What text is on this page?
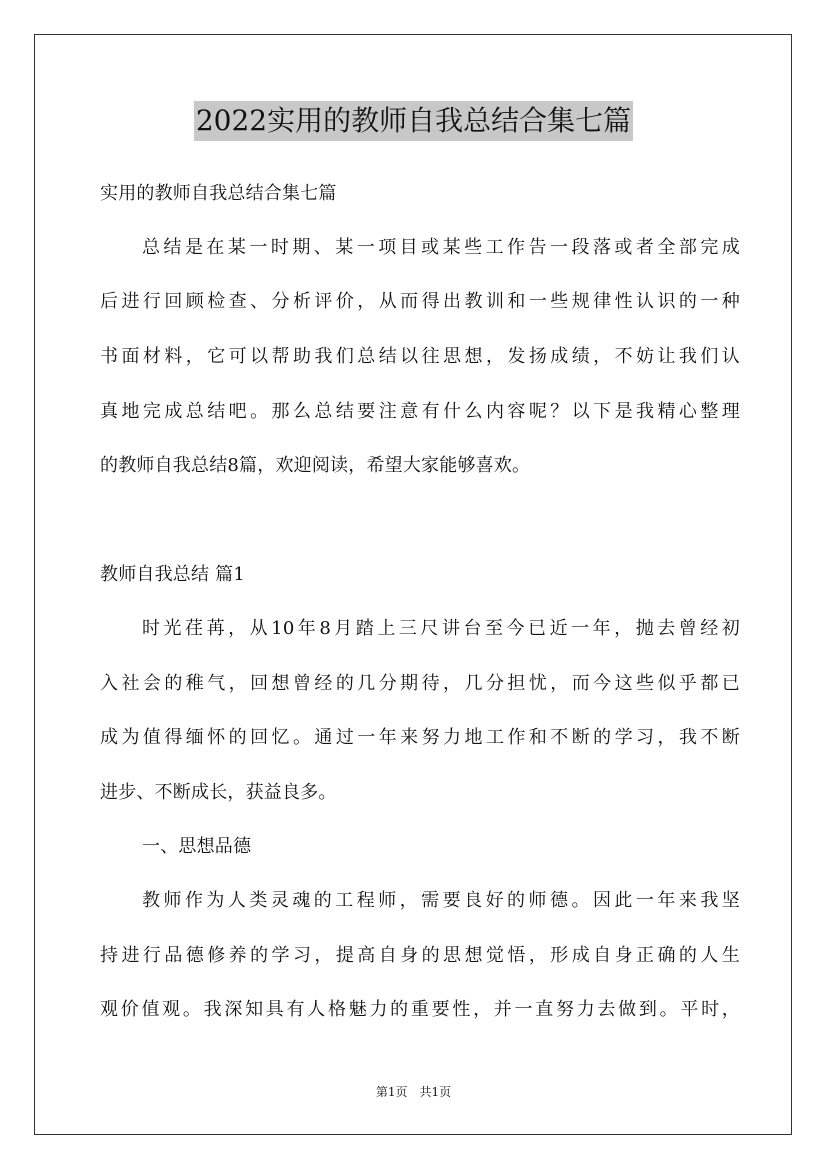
2022实用的教师自我总结合集七篇
实用的教师自我总结合集七篇
总结是在某一时期、某一项目或某些工作告一段落或者全部完成
后进行回顾检查、分析评价，从而得出教训和一些规律性认识的一种
书面材料，它可以帮助我们总结以往思想，发扬成绩，不妨让我们认
真地完成总结吧。那么总结要注意有什么内容呢？以下是我精心整理
的教师自我总结8篇，欢迎阅读，希望大家能够喜欢。
教师自我总结 篇1
时光荏苒，从10年8月踏上三尺讲台至今已近一年，抛去曾经初
入社会的稚气，回想曾经的几分期待，几分担忧，而今这些似乎都已
成为值得缅怀的回忆。通过一年来努力地工作和不断的学习，我不断
进步、不断成长，获益良多。
一、思想品德
教师作为人类灵魂的工程师，需要良好的师德。因此一年来我坚
持进行品德修养的学习，提高自身的思想觉悟，形成自身正确的人生
观价值观。我深知具有人格魅力的重要性，并一直努力去做到。平时，
第1页 共1页
